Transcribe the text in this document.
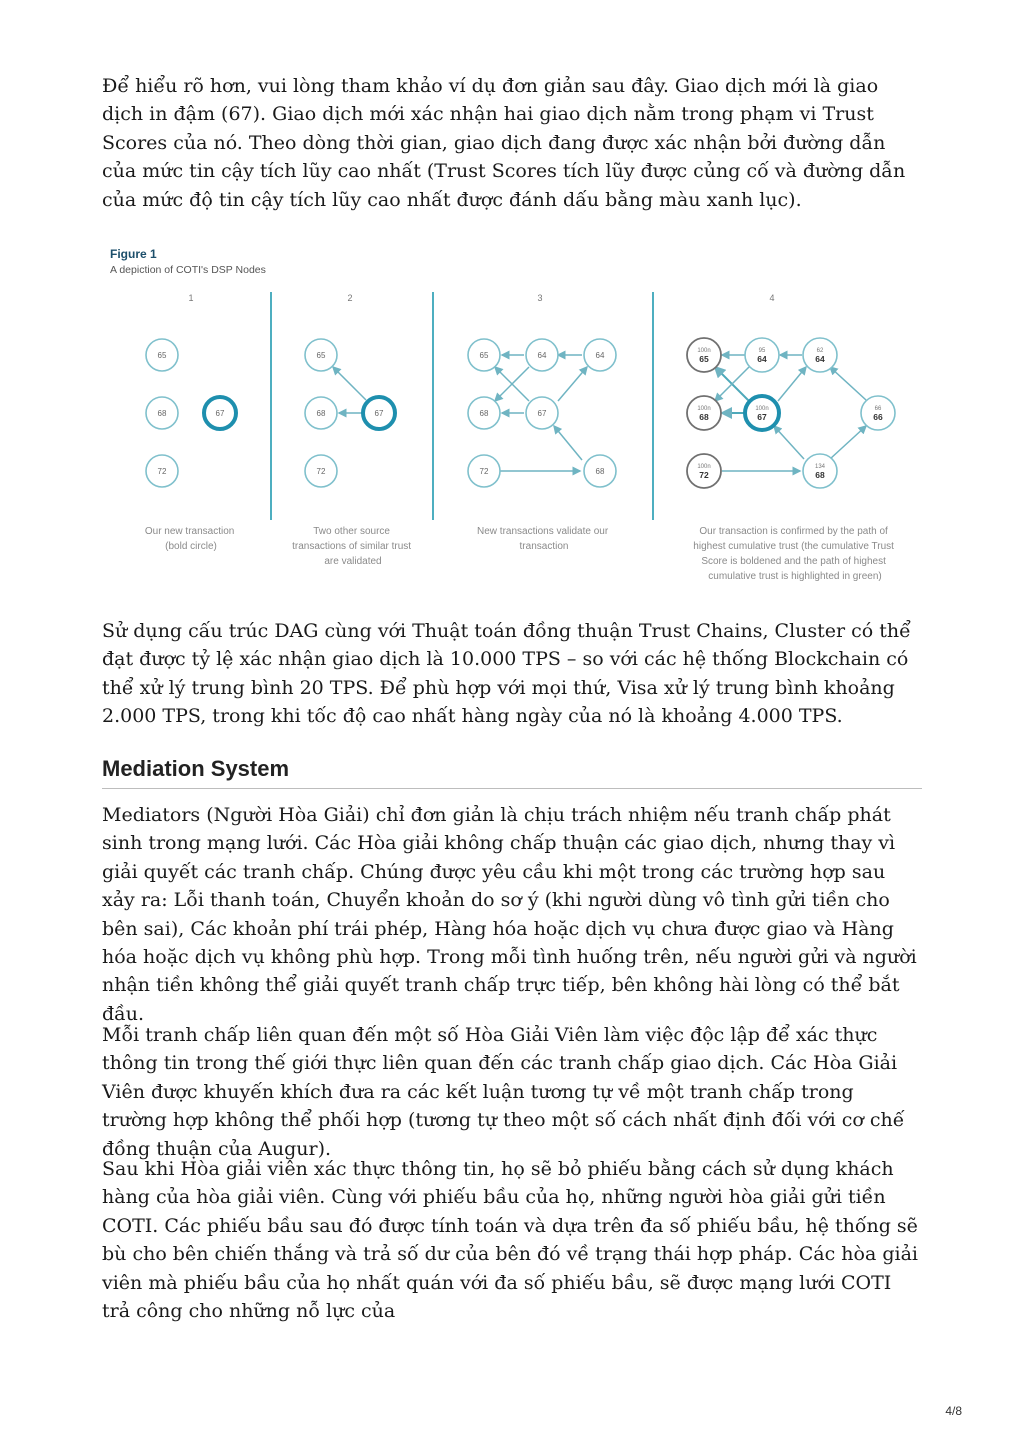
Để hiểu rõ hơn, vui lòng tham khảo ví dụ đơn giản sau đây. Giao dịch mới là giao dịch in đậm (67). Giao dịch mới xác nhận hai giao dịch nằm trong phạm vi Trust Scores của nó. Theo dòng thời gian, giao dịch đang được xác nhận bởi đường dẫn của mức tin cậy tích lũy cao nhất (Trust Scores tích lũy được củng cố và đường dẫn của mức độ tin cậy tích lũy cao nhất được đánh dấu bằng màu xanh lục).

Figure 1
A depiction of COTI's DSP Nodes
1	2	3	4
65
68
72
67
65
68
72
67
65	64	64
68	67
72	68
100n
65
95
64
62
64
100n
68
100n
67
66
66
100n
72
134
68
Our new transaction (bold circle)
Two other source transactions of similar trust are validated
New transactions validate our transaction
Our transaction is confirmed by the path of highest cumulative trust (the cumulative Trust Score is boldened and the path of highest cumulative trust is highlighted in green)

Sử dụng cấu trúc DAG cùng với Thuật toán đồng thuận Trust Chains, Cluster có thể đạt được tỷ lệ xác nhận giao dịch là 10.000 TPS – so với các hệ thống Blockchain có thể xử lý trung bình 20 TPS. Để phù hợp với mọi thứ, Visa xử lý trung bình khoảng 2.000 TPS, trong khi tốc độ cao nhất hàng ngày của nó là khoảng 4.000 TPS.

Mediation System

Mediators (Người Hòa Giải) chỉ đơn giản là chịu trách nhiệm nếu tranh chấp phát sinh trong mạng lưới. Các Hòa giải không chấp thuận các giao dịch, nhưng thay vì giải quyết các tranh chấp. Chúng được yêu cầu khi một trong các trường hợp sau xảy ra: Lỗi thanh toán, Chuyển khoản do sơ ý (khi người dùng vô tình gửi tiền cho bên sai), Các khoản phí trái phép, Hàng hóa hoặc dịch vụ chưa được giao và Hàng hóa hoặc dịch vụ không phù hợp. Trong mỗi tình huống trên, nếu người gửi và người nhận tiền không thể giải quyết tranh chấp trực tiếp, bên không hài lòng có thể bắt đầu.

Mỗi tranh chấp liên quan đến một số Hòa Giải Viên làm việc độc lập để xác thực thông tin trong thế giới thực liên quan đến các tranh chấp giao dịch. Các Hòa Giải Viên được khuyến khích đưa ra các kết luận tương tự về một tranh chấp trong trường hợp không thể phối hợp (tương tự theo một số cách nhất định đối với cơ chế đồng thuận của Augur).

Sau khi Hòa giải viên xác thực thông tin, họ sẽ bỏ phiếu bằng cách sử dụng khách hàng của hòa giải viên. Cùng với phiếu bầu của họ, những người hòa giải gửi tiền COTI. Các phiếu bầu sau đó được tính toán và dựa trên đa số phiếu bầu, hệ thống sẽ bù cho bên chiến thắng và trả số dư của bên đó về trạng thái hợp pháp. Các hòa giải viên mà phiếu bầu của họ nhất quán với đa số phiếu bầu, sẽ được mạng lưới COTI trả công cho những nỗ lực của

4/8
